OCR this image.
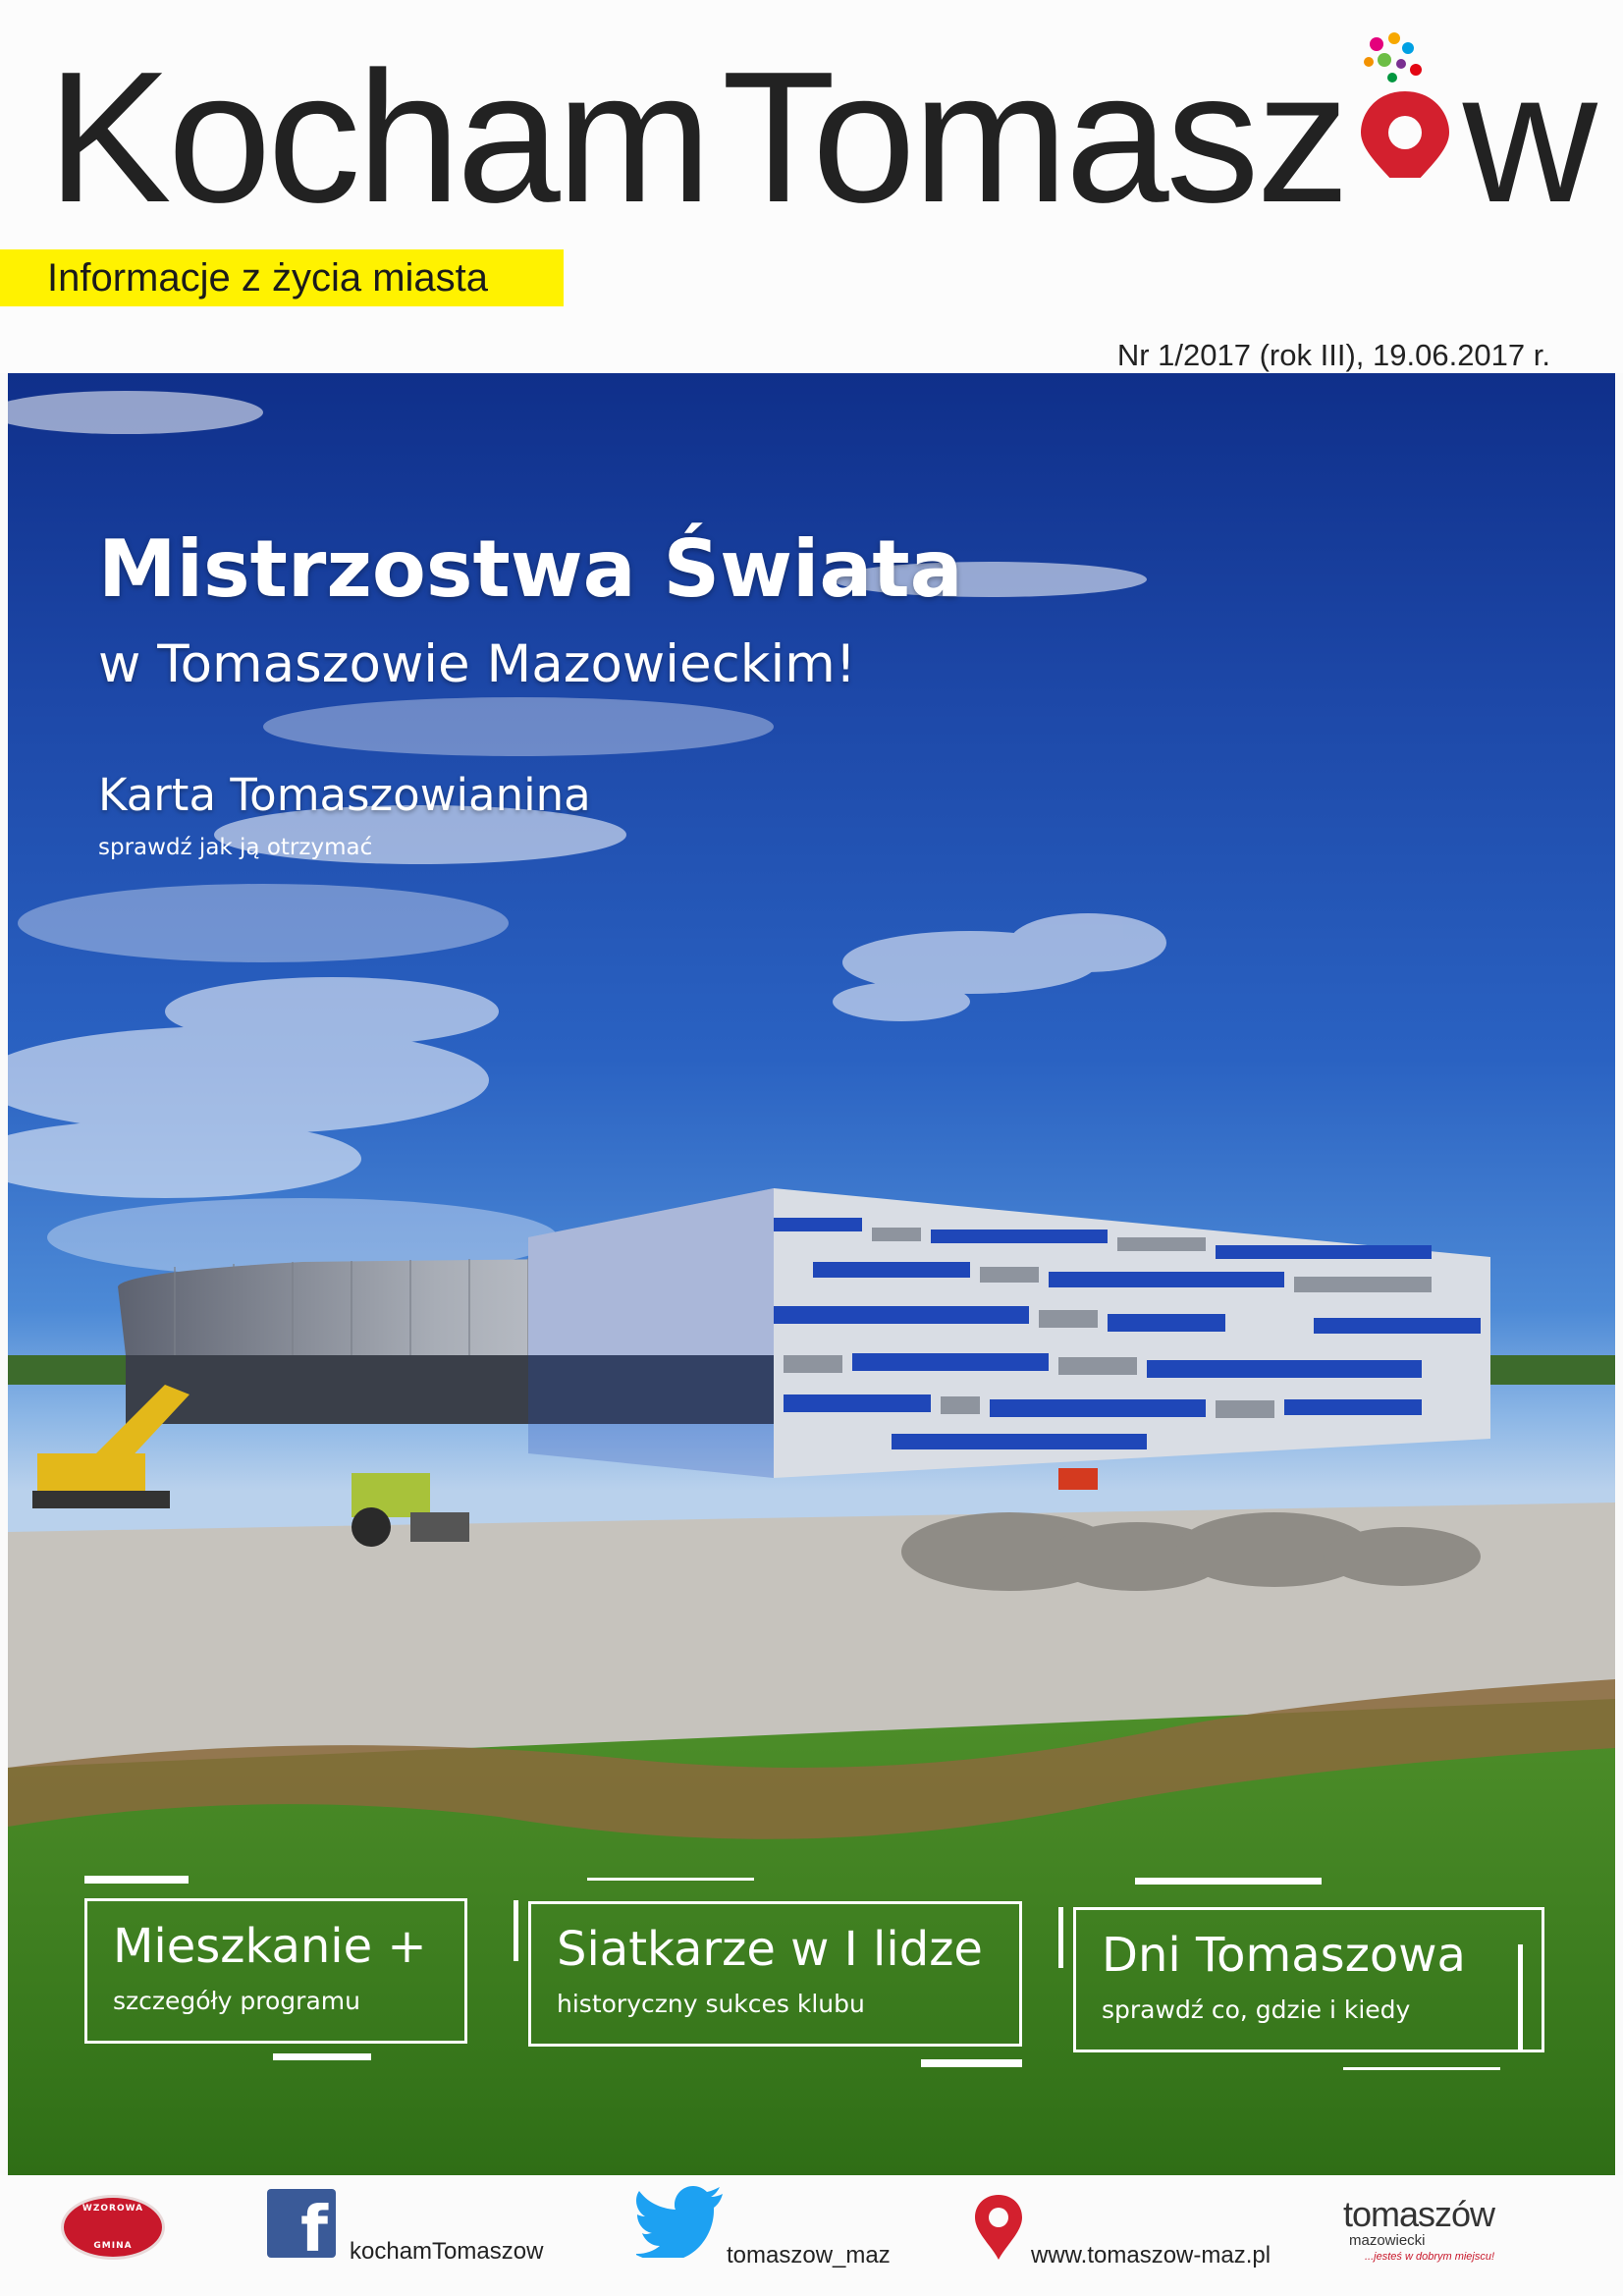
Kocham Tomasz w
Informacje z życia miasta
Nr 1/2017 (rok III), 19.06.2017 r.
Mistrzostwa Świata
w Tomaszowie Mazowieckim!
Karta Tomaszowianina
sprawdź jak ją otrzymać
Mieszkanie +
szczegóły programu
Siatkarze w I lidze
historyczny sukces klubu
Dni Tomaszowa
sprawdź co, gdzie i kiedy
WZOROWA
GMINA	f kochamTomaszow	tomaszow_maz	www.tomaszow-maz.pl
tomaszów
mazowiecki
...jesteś w dobrym miejscu!
